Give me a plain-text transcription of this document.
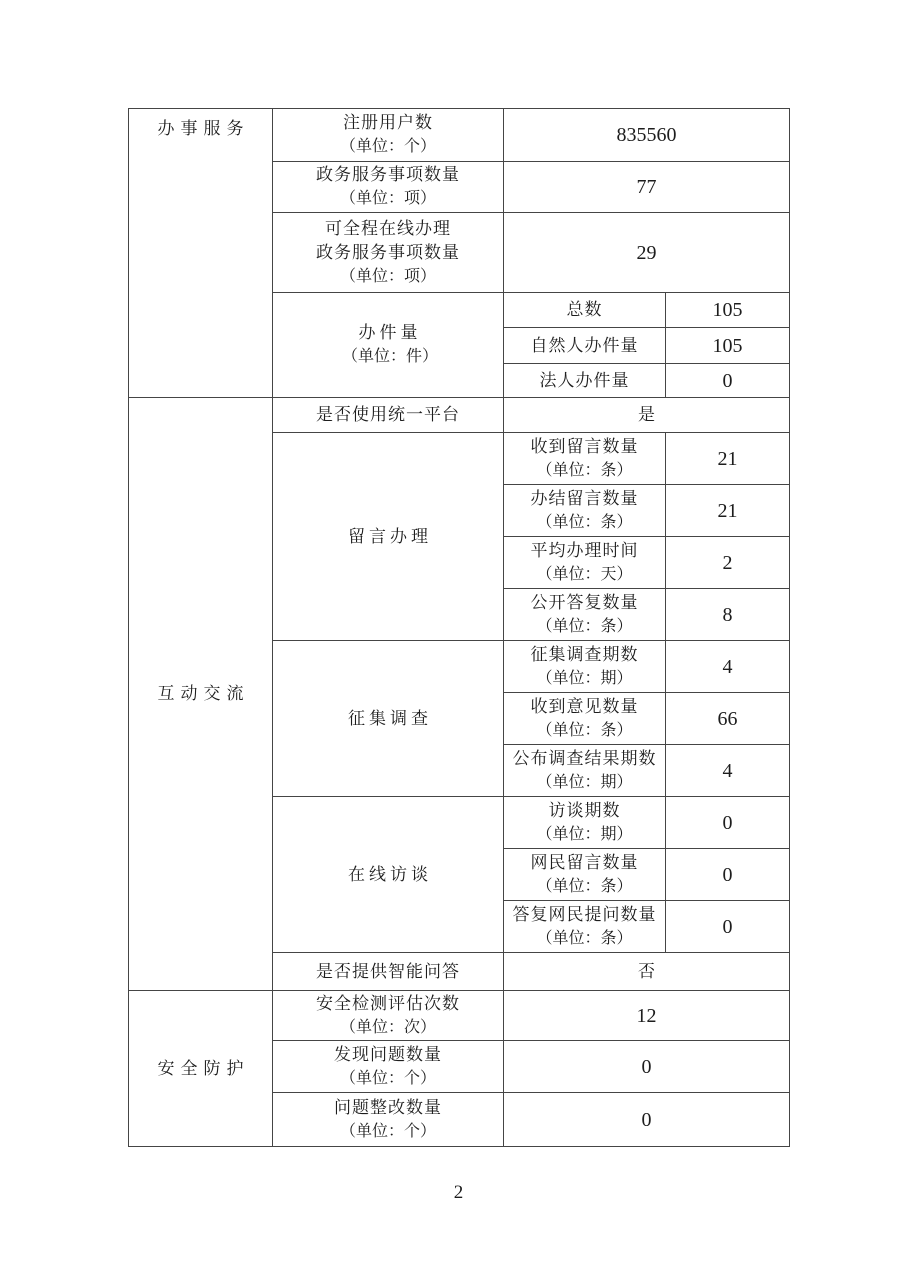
办事服务	注册用户数
（单位：个）	835560	

	政务服务事项数量
（单位：项）	77	

	可全程在线办理
政务服务事项数量
（单位：项）	29	

	办件量
（单位：件）	总数	105

		自然人办件量	105

		法人办件量	0
互动交流	是否使用统一平台	是	

	留言办理	收到留言数量
（单位：条）	21

		办结留言数量
（单位：条）	21

		平均办理时间
（单位：天）	2

		公开答复数量
（单位：条）	8

	征集调查	征集调查期数
（单位：期）	4

		收到意见数量
（单位：条）	66

		公布调查结果期数
（单位：期）	4

	在线访谈	访谈期数
（单位：期）	0

		网民留言数量
（单位：条）	0

		答复网民提问数量
（单位：条）	0

	是否提供智能问答	否	
安全防护	安全检测评估次数
（单位：次）	12	

	发现问题数量
（单位：个）	0	

	问题整改数量
（单位：个）	0	
2
